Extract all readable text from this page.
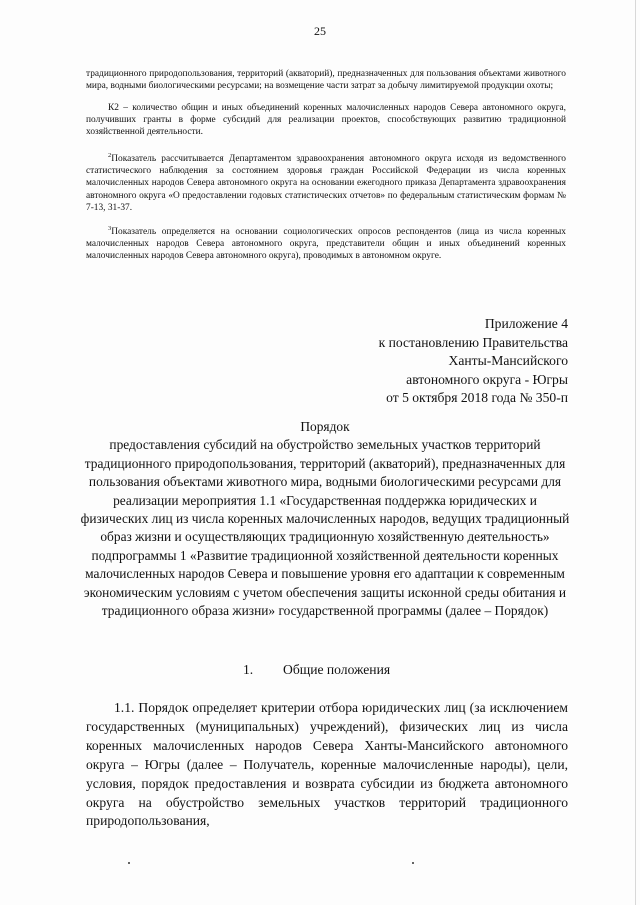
25

традиционного природопользования, территорий (акваторий), предназначенных для пользования объектами животного мира, водными биологическими ресурсами; на возмещение части затрат за добычу лимитируемой продукции охоты;

К2 – количество общин и иных объединений коренных малочисленных народов Севера автономного округа, получивших гранты в форме субсидий для реализации проектов, способствующих развитию традиционной хозяйственной деятельности.

$^2$Показатель рассчитывается Департаментом здравоохранения автономного округа исходя из ведомственного статистического наблюдения за состоянием здоровья граждан Российской Федерации из числа коренных малочисленных народов Севера автономного округа на основании ежегодного приказа Департамента здравоохранения автономного округа «О предоставлении годовых статистических отчетов» по федеральным статистическим формам № 7-13, 31-37.

$^3$Показатель определяется на основании социологических опросов респондентов (лица из числа коренных малочисленных народов Севера автономного округа, представители общин и иных объединений коренных малочисленных народов Севера автономного округа), проводимых в автономном округе.

Приложение 4
к постановлению Правительства
Ханты-Мансийского
автономного округа - Югры
от 5 октября 2018 года № 350-п
Порядок
предоставления субсидий на обустройство земельных участков территорий традиционного природопользования, территорий (акваторий), предназначенных для пользования объектами животного мира, водными биологическими ресурсами для реализации мероприятия 1.1 «Государственная поддержка юридических и физических лиц из числа коренных малочисленных народов, ведущих традиционный образ жизни и осуществляющих традиционную хозяйственную деятельность» подпрограммы 1 «Развитие традиционной хозяйственной деятельности коренных малочисленных народов Севера и повышение уровня его адаптации к современным экономическим условиям с учетом обеспечения защиты исконной среды обитания и традиционного образа жизни» государственной программы (далее – Порядок)
1. Общие положения

1.1. Порядок определяет критерии отбора юридических лиц (за исключением государственных (муниципальных) учреждений), физических лиц из числа коренных малочисленных народов Севера Ханты-Мансийского автономного округа – Югры (далее – Получатель, коренные малочисленные народы), цели, условия, порядок предоставления и возврата субсидии из бюджета автономного округа на обустройство земельных участков территорий традиционного природопользования,
